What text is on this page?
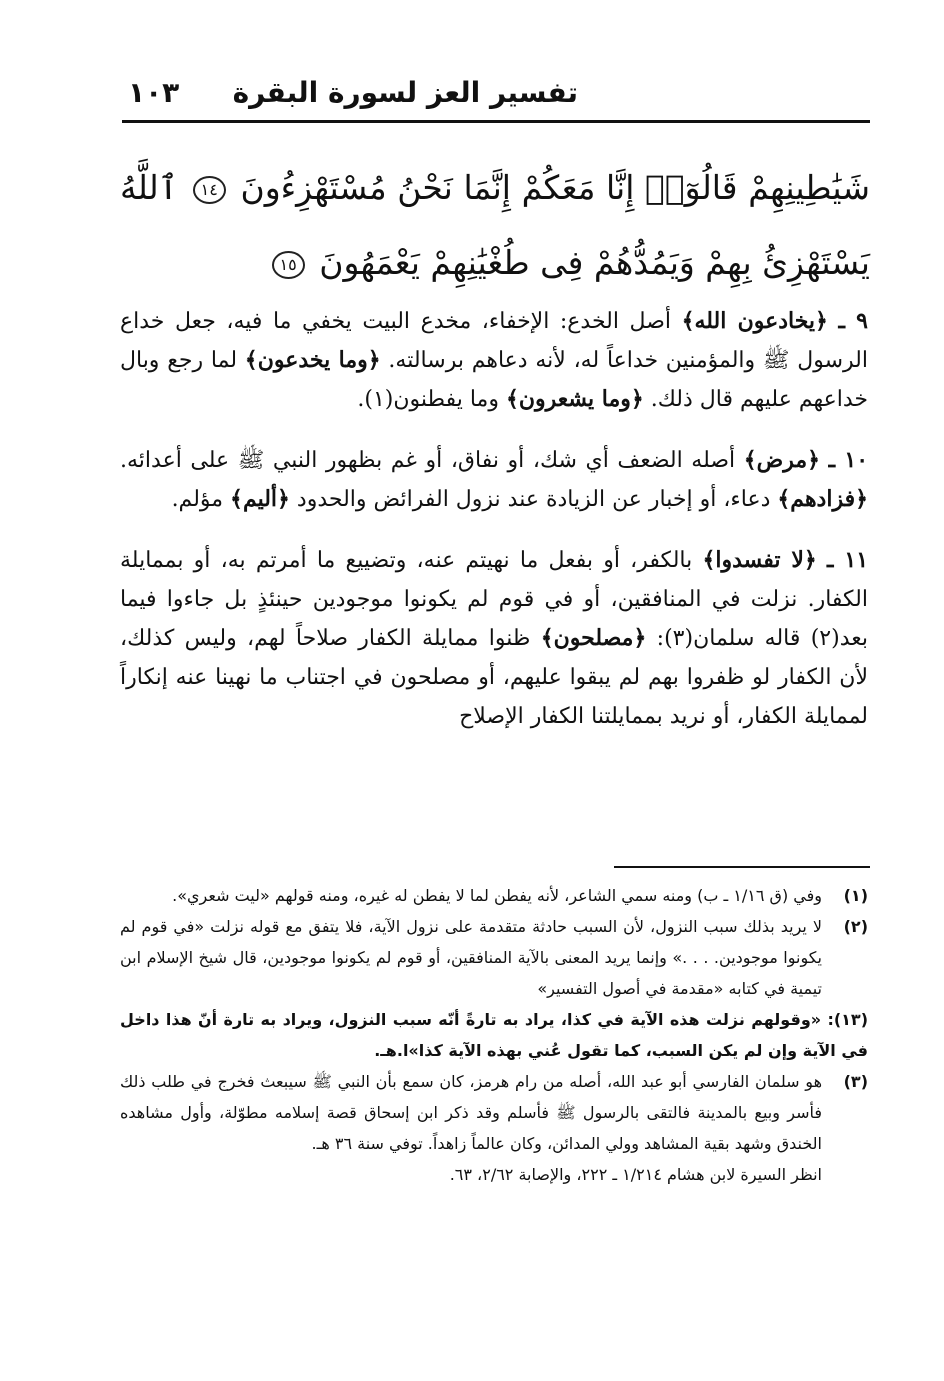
تفسير العز لسورة البقرة
١٠٣
شَيَٰطِينِهِمْ قَالُوٓا۟ إِنَّا مَعَكُمْ إِنَّمَا نَحْنُ مُسْتَهْزِءُونَ ١٤ ٱللَّهُ يَسْتَهْزِئُ بِهِمْ وَيَمُدُّهُمْ فِى طُغْيَٰنِهِمْ يَعْمَهُونَ ١٥

٩ ـ ﴿يخادعون الله﴾ أصل الخدع: الإخفاء، مخدع البيت يخفي ما فيه، جعل خداع الرسول ﷺ والمؤمنين خداعاً له، لأنه دعاهم برسالته. ﴿وما يخدعون﴾ لما رجع وبال خداعهم عليهم قال ذلك. ﴿وما يشعرون﴾ وما يفطنون(١).

١٠ ـ ﴿مرض﴾ أصله الضعف أي شك، أو نفاق، أو غم بظهور النبي ﷺ على أعدائه. ﴿فزادهم﴾ دعاء، أو إخبار عن الزيادة عند نزول الفرائض والحدود ﴿أليم﴾ مؤلم.

١١ ـ ﴿لا تفسدوا﴾ بالكفر، أو بفعل ما نهيتم عنه، وتضييع ما أمرتم به، أو بممايلة الكفار. نزلت في المنافقين، أو في قوم لم يكونوا موجودين حينئذٍ بل جاءوا فيما بعد(٢) قاله سلمان(٣): ﴿مصلحون﴾ ظنوا ممايلة الكفار صلاحاً لهم، وليس كذلك، لأن الكفار لو ظفروا بهم لم يبقوا عليهم، أو مصلحون في اجتناب ما نهينا عنه إنكاراً لممايلة الكفار، أو نريد بممايلتنا الكفار الإصلاح

(١)
وفي (ق ١/١٦ ـ ب) ومنه سمي الشاعر، لأنه يفطن لما لا يفطن له غيره، ومنه قولهم «ليت شعري».
(٢)
لا يريد بذلك سبب النزول، لأن السبب حادثة متقدمة على نزول الآية، فلا يتفق مع قوله نزلت «في قوم لم يكونوا موجودين. . . .» وإنما يريد المعنى بالآية المنافقين، أو قوم لم يكونوا موجودين، قال شيخ الإسلام ابن تيمية في كتابه «مقدمة في أصول التفسير»
(١٣): «وقولهم نزلت هذه الآية في كذا، يراد به تارةً أنّه سبب النزول، ويراد به تارة أنّ هذا داخل في الآية وإن لم يكن السبب، كما تقول عُني بهذه الآية كذا»ا.هـ.
(٣)
هو سلمان الفارسي أبو عبد الله، أصله من رام هرمز، كان سمع بأن النبي ﷺ سيبعث فخرج في طلب ذلك فأسر وبيع بالمدينة فالتقى بالرسول ﷺ فأسلم وقد ذكر ابن إسحاق قصة إسلامه مطوّلة، وأول مشاهده الخندق وشهد بقية المشاهد وولي المدائن، وكان عالماً زاهداً. توفي سنة ٣٦ هـ.
انظر السيرة لابن هشام ١/٢١٤ ـ ٢٢٢، والإصابة ٢/٦٢، ٦٣.
